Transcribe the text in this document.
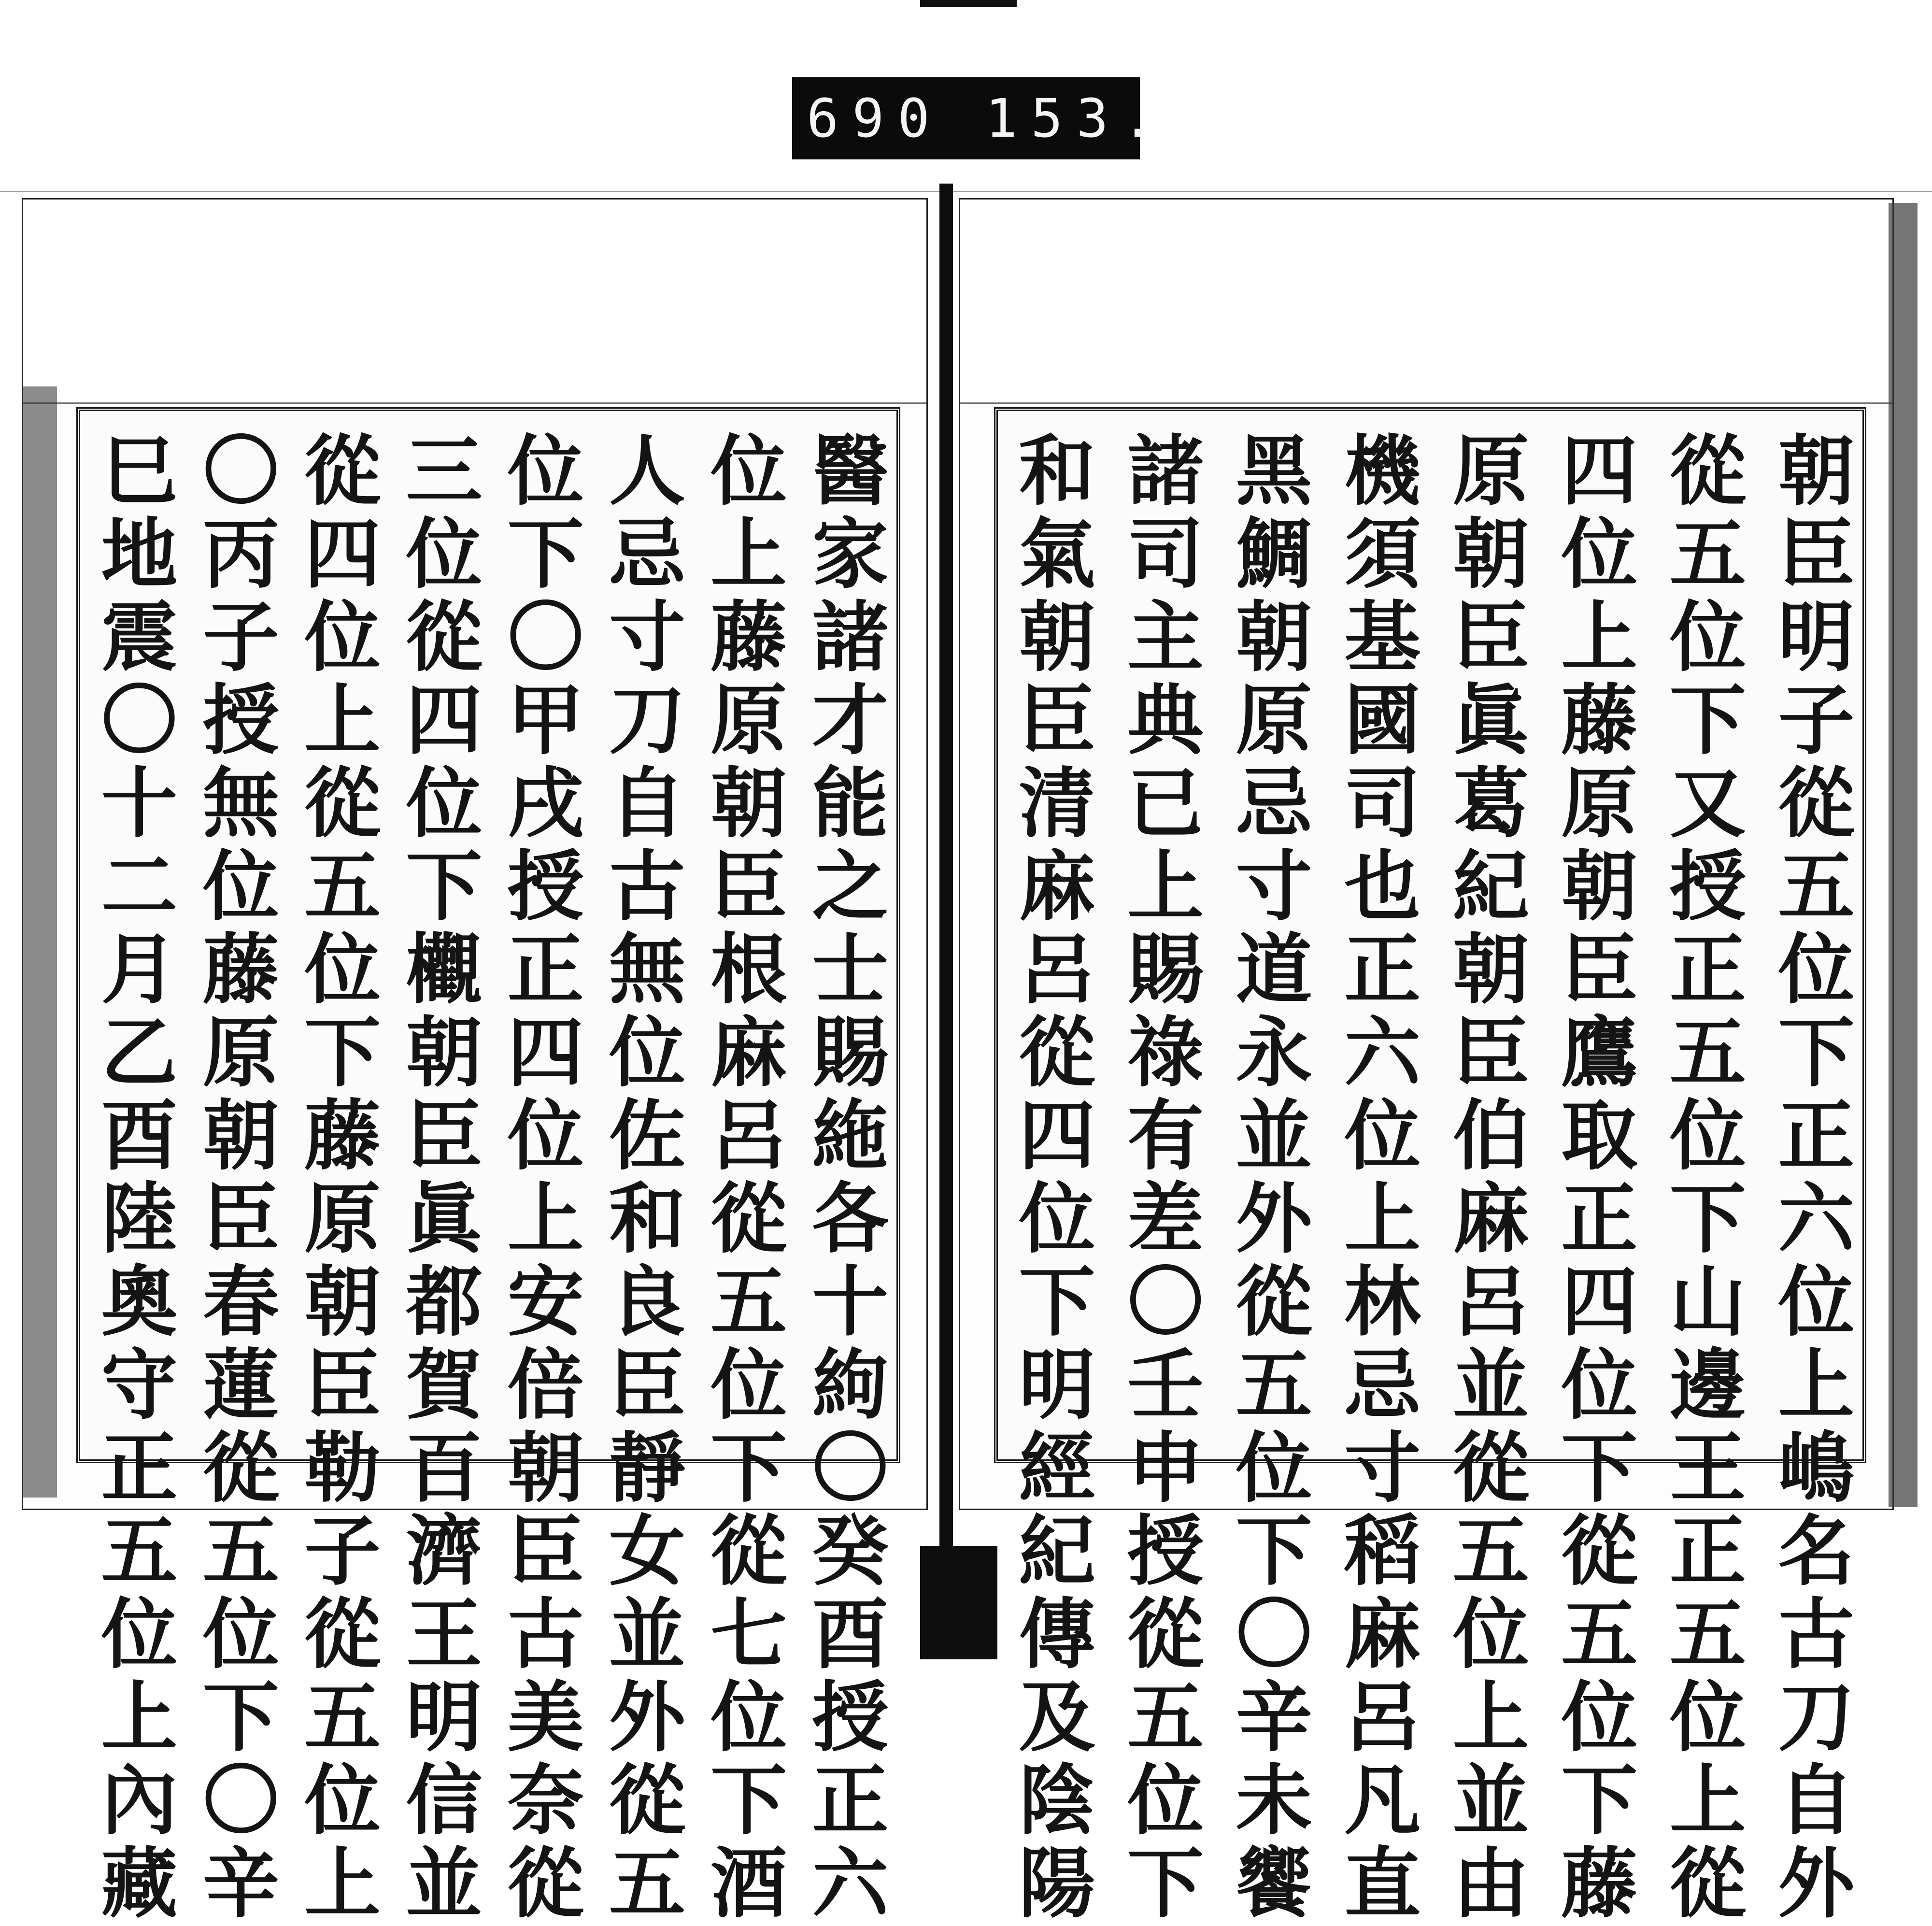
690 153.
醫家諸才能之士賜絁各十絇〇癸酉授正六
位上藤原朝臣根麻呂從五位下從七位下酒
人忌寸刀自古無位佐和良臣靜女並外從五
位下〇甲戌授正四位上安倍朝臣古美奈從
三位從四位下欟朝臣眞都賀百濟王明信並
從四位上從五位下藤原朝臣勒子從五位上
〇丙子授無位藤原朝臣春蓮從五位下〇辛
巳地震〇十二月乙酉陸奧守正五位上內藏	朝臣明子從五位下正六位上嶋名古刀自外
從五位下又授正五位下山邊王正五位上從
四位上藤原朝臣鷹取正四位下從五位下藤
原朝臣眞葛紀朝臣伯麻呂並從五位上並由
機須基國司也正六位上林忌寸稻麻呂凡直
黑鯛朝原忌寸道永並外從五位下〇辛未饗
諸司主典已上賜祿有差〇壬申授從五位下
和氣朝臣清麻呂從四位下明經紀傳及陰陽
